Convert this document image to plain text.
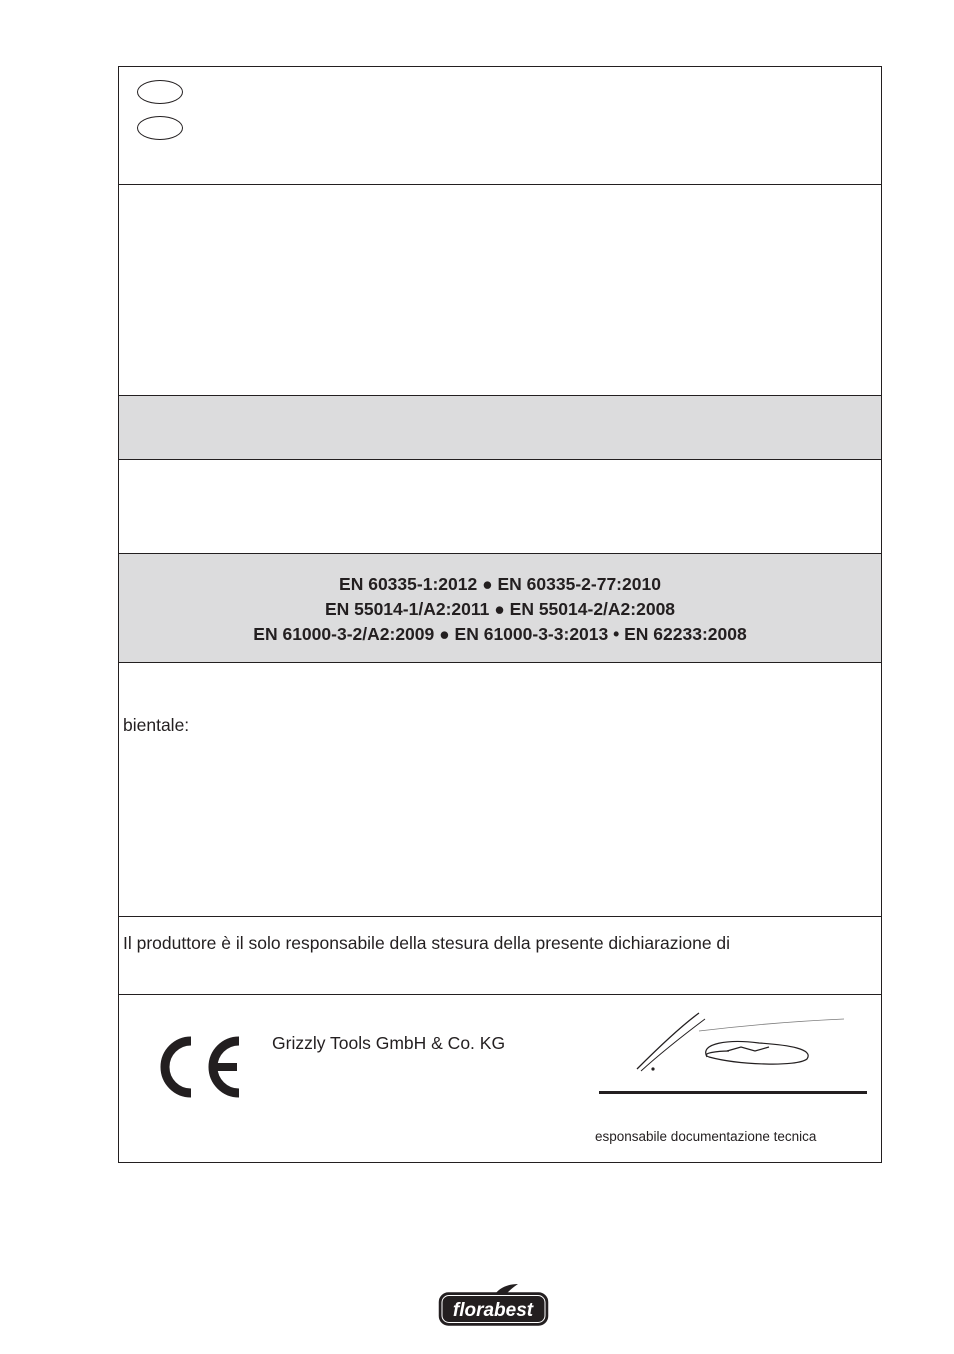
EN 60335-1:2012 ● EN 60335-2-77:2010
EN 55014-1/A2:2011 ● EN 55014-2/A2:2008
EN 61000-3-2/A2:2009 ● EN 61000-3-3:2013 • EN 62233:2008
bientale:
Il produttore è il solo responsabile della stesura della presente dichiarazione di
Grizzly Tools GmbH & Co. KG
esponsabile documentazione tecnica
florabest
